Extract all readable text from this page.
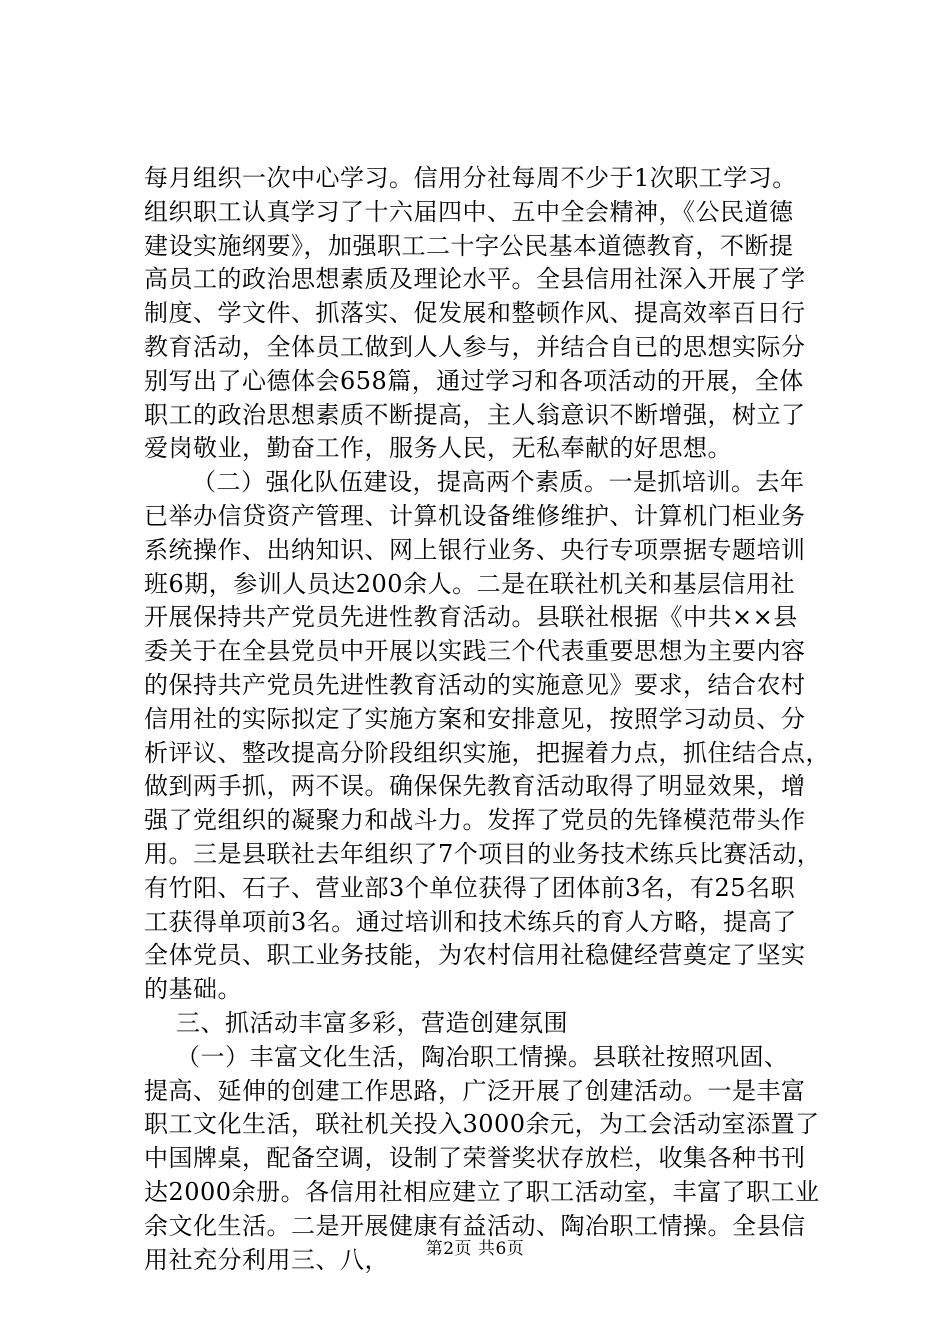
每月组织一次中心学习。信用分社每周不少于1次职工学习。
组织职工认真学习了十六届四中、五中全会精神，《公民道德
建设实施纲要》，加强职工二十字公民基本道德教育，不断提
高员工的政治思想素质及理论水平。全县信用社深入开展了学
制度、学文件、抓落实、促发展和整顿作风、提高效率百日行
教育活动，全体员工做到人人参与，并结合自已的思想实际分
别写出了心德体会658篇，通过学习和各项活动的开展，全体
职工的政治思想素质不断提高，主人翁意识不断增强，树立了
爱岗敬业，勤奋工作，服务人民，无私奉献的好思想。
（二）强化队伍建设，提高两个素质。一是抓培训。去年
已举办信贷资产管理、计算机设备维修维护、计算机门柜业务
系统操作、出纳知识、网上银行业务、央行专项票据专题培训
班6期，参训人员达200余人。二是在联社机关和基层信用社
开展保持共产党员先进性教育活动。县联社根据《中共××县
委关于在全县党员中开展以实践三个代表重要思想为主要内容
的保持共产党员先进性教育活动的实施意见》要求，结合农村
信用社的实际拟定了实施方案和安排意见，按照学习动员、分
析评议、整改提高分阶段组织实施，把握着力点，抓住结合点，
做到两手抓，两不误。确保保先教育活动取得了明显效果，增
强了党组织的凝聚力和战斗力。发挥了党员的先锋模范带头作
用。三是县联社去年组织了7个项目的业务技术练兵比赛活动，
有竹阳、石子、营业部3个单位获得了团体前3名，有25名职
工获得单项前3名。通过培训和技术练兵的育人方略，提高了
全体党员、职工业务技能，为农村信用社稳健经营奠定了坚实
的基础。
三、抓活动丰富多彩，营造创建氛围
（一）丰富文化生活，陶冶职工情操。县联社按照巩固、
提高、延伸的创建工作思路，广泛开展了创建活动。一是丰富
职工文化生活，联社机关投入3000余元，为工会活动室添置了
中国牌桌，配备空调，设制了荣誉奖状存放栏，收集各种书刊
达2000余册。各信用社相应建立了职工活动室，丰富了职工业
余文化生活。二是开展健康有益活动、陶冶职工情操。全县信
用社充分利用三、八，	第2页 共6页
